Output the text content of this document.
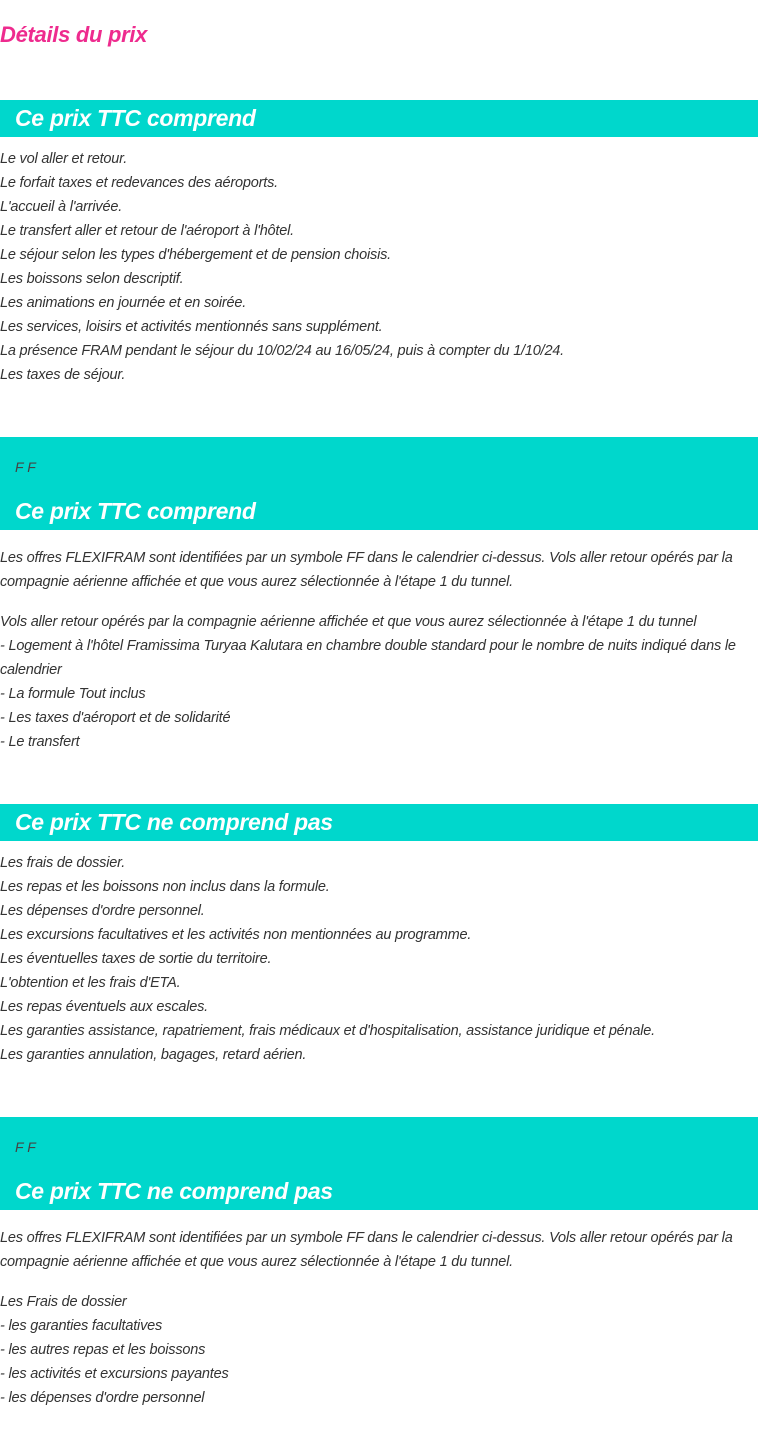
Détails du prix
Ce prix TTC comprend
Le vol aller et retour.
Le forfait taxes et redevances des aéroports.
L'accueil à l'arrivée.
Le transfert aller et retour de l'aéroport à l'hôtel.
Le séjour selon les types d'hébergement et de pension choisis.
Les boissons selon descriptif.
Les animations en journée et en soirée.
Les services, loisirs et activités mentionnés sans supplément.
La présence FRAM pendant le séjour du 10/02/24 au 16/05/24, puis à compter du 1/10/24.
Les taxes de séjour.
F F
Ce prix TTC comprend

Les offres FLEXIFRAM sont identifiées par un symbole FF dans le calendrier ci-dessus. Vols aller retour opérés par la compagnie aérienne affichée et que vous aurez sélectionnée à l'étape 1 du tunnel.

Vols aller retour opérés par la compagnie aérienne affichée et que vous aurez sélectionnée à l'étape 1 du tunnel
- Logement à l'hôtel Framissima Turyaa Kalutara en chambre double standard pour le nombre de nuits indiqué dans le calendrier
- La formule Tout inclus
- Les taxes d'aéroport et de solidarité
- Le transfert
Ce prix TTC ne comprend pas
Les frais de dossier.
Les repas et les boissons non inclus dans la formule.
Les dépenses d'ordre personnel.
Les excursions facultatives et les activités non mentionnées au programme.
Les éventuelles taxes de sortie du territoire.
L'obtention et les frais d'ETA.
Les repas éventuels aux escales.
Les garanties assistance, rapatriement, frais médicaux et d'hospitalisation, assistance juridique et pénale.
Les garanties annulation, bagages, retard aérien.
F F
Ce prix TTC ne comprend pas

Les offres FLEXIFRAM sont identifiées par un symbole FF dans le calendrier ci-dessus. Vols aller retour opérés par la compagnie aérienne affichée et que vous aurez sélectionnée à l'étape 1 du tunnel.

Les Frais de dossier
- les garanties facultatives
- les autres repas et les boissons
- les activités et excursions payantes
- les dépenses d'ordre personnel
